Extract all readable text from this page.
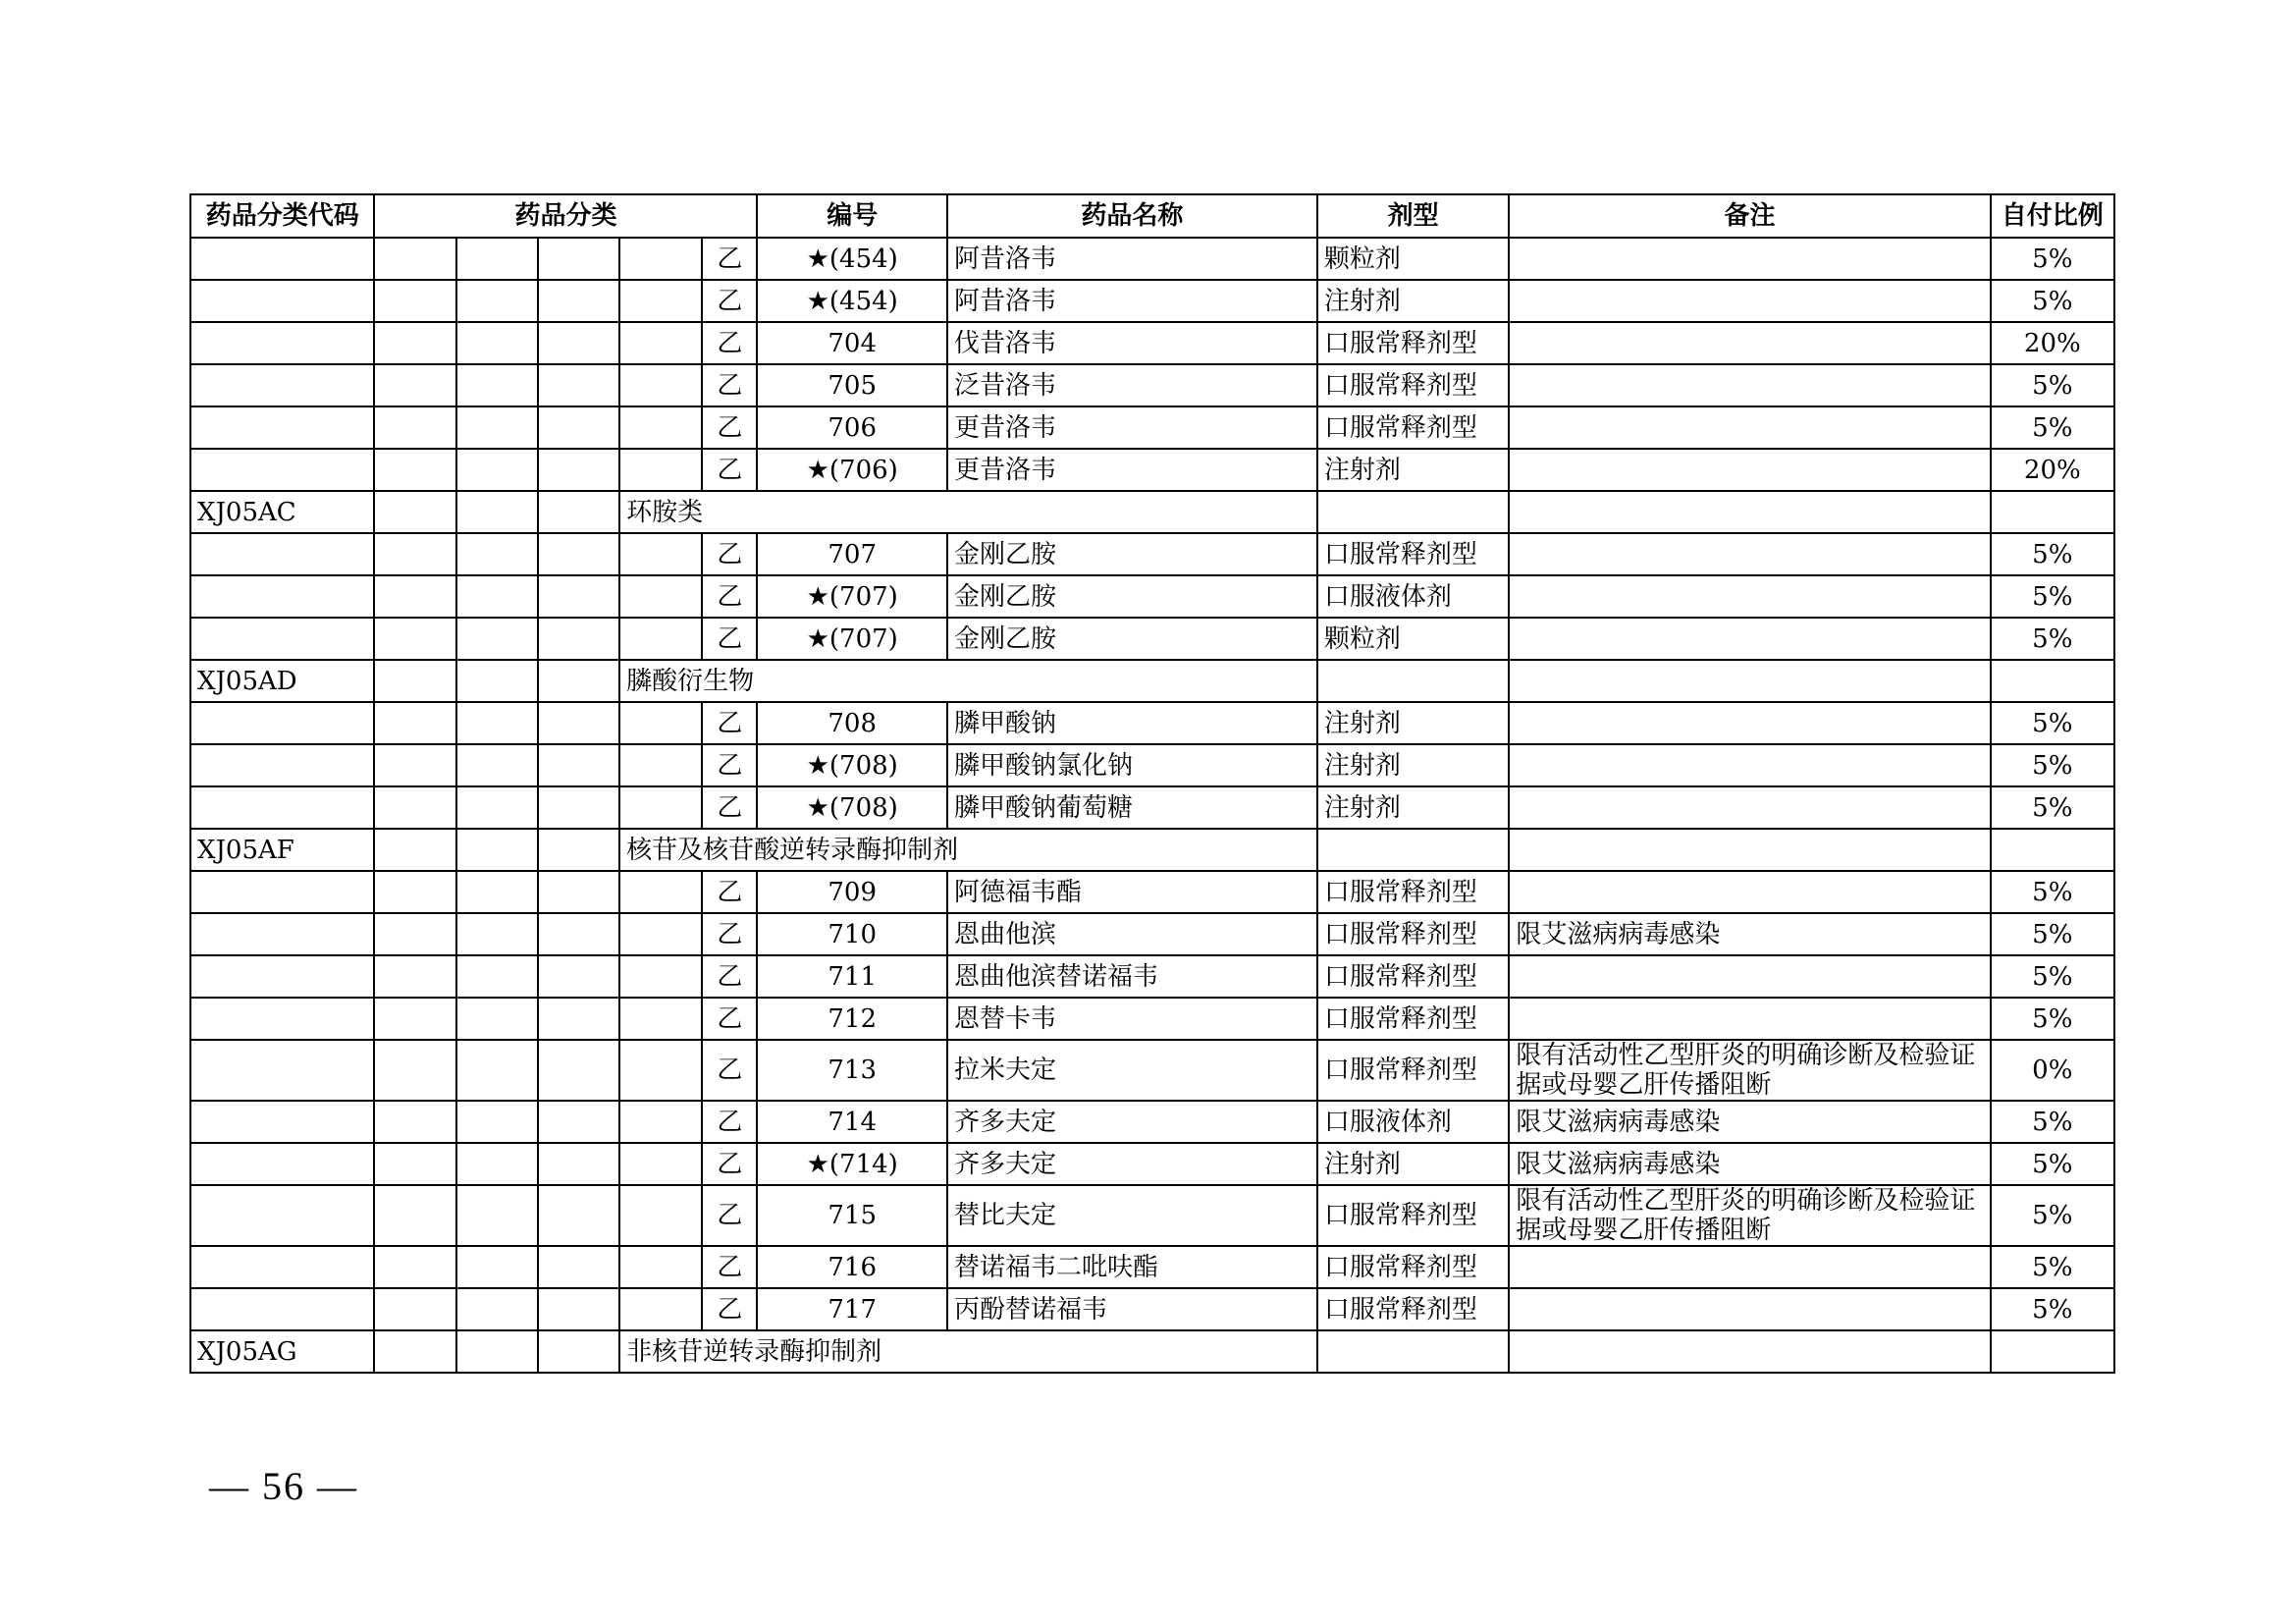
药品分类代码	药品分类					编号	药品名称	剂型	备注	自付比例
					乙	★(454)	阿昔洛韦	颗粒剂		5%
					乙	★(454)	阿昔洛韦	注射剂		5%
					乙	704	伐昔洛韦	口服常释剂型		20%
					乙	705	泛昔洛韦	口服常释剂型		5%
					乙	706	更昔洛韦	口服常释剂型		5%
					乙	★(706)	更昔洛韦	注射剂		20%
XJ05AC				环胺类						
					乙	707	金刚乙胺	口服常释剂型		5%
					乙	★(707)	金刚乙胺	口服液体剂		5%
					乙	★(707)	金刚乙胺	颗粒剂		5%
XJ05AD				膦酸衍生物						
					乙	708	膦甲酸钠	注射剂		5%
					乙	★(708)	膦甲酸钠氯化钠	注射剂		5%
					乙	★(708)	膦甲酸钠葡萄糖	注射剂		5%
XJ05AF				核苷及核苷酸逆转录酶抑制剂						
					乙	709	阿德福韦酯	口服常释剂型		5%
					乙	710	恩曲他滨	口服常释剂型	限艾滋病病毒感染	5%
					乙	711	恩曲他滨替诺福韦	口服常释剂型		5%
					乙	712	恩替卡韦	口服常释剂型		5%
					乙	713	拉米夫定	口服常释剂型	限有活动性乙型肝炎的明确诊断及检验证据或母婴乙肝传播阻断	0%
					乙	714	齐多夫定	口服液体剂	限艾滋病病毒感染	5%
					乙	★(714)	齐多夫定	注射剂	限艾滋病病毒感染	5%
					乙	715	替比夫定	口服常释剂型	限有活动性乙型肝炎的明确诊断及检验证据或母婴乙肝传播阻断	5%
					乙	716	替诺福韦二吡呋酯	口服常释剂型		5%
					乙	717	丙酚替诺福韦	口服常释剂型		5%
XJ05AG				非核苷逆转录酶抑制剂						
— 56 —
